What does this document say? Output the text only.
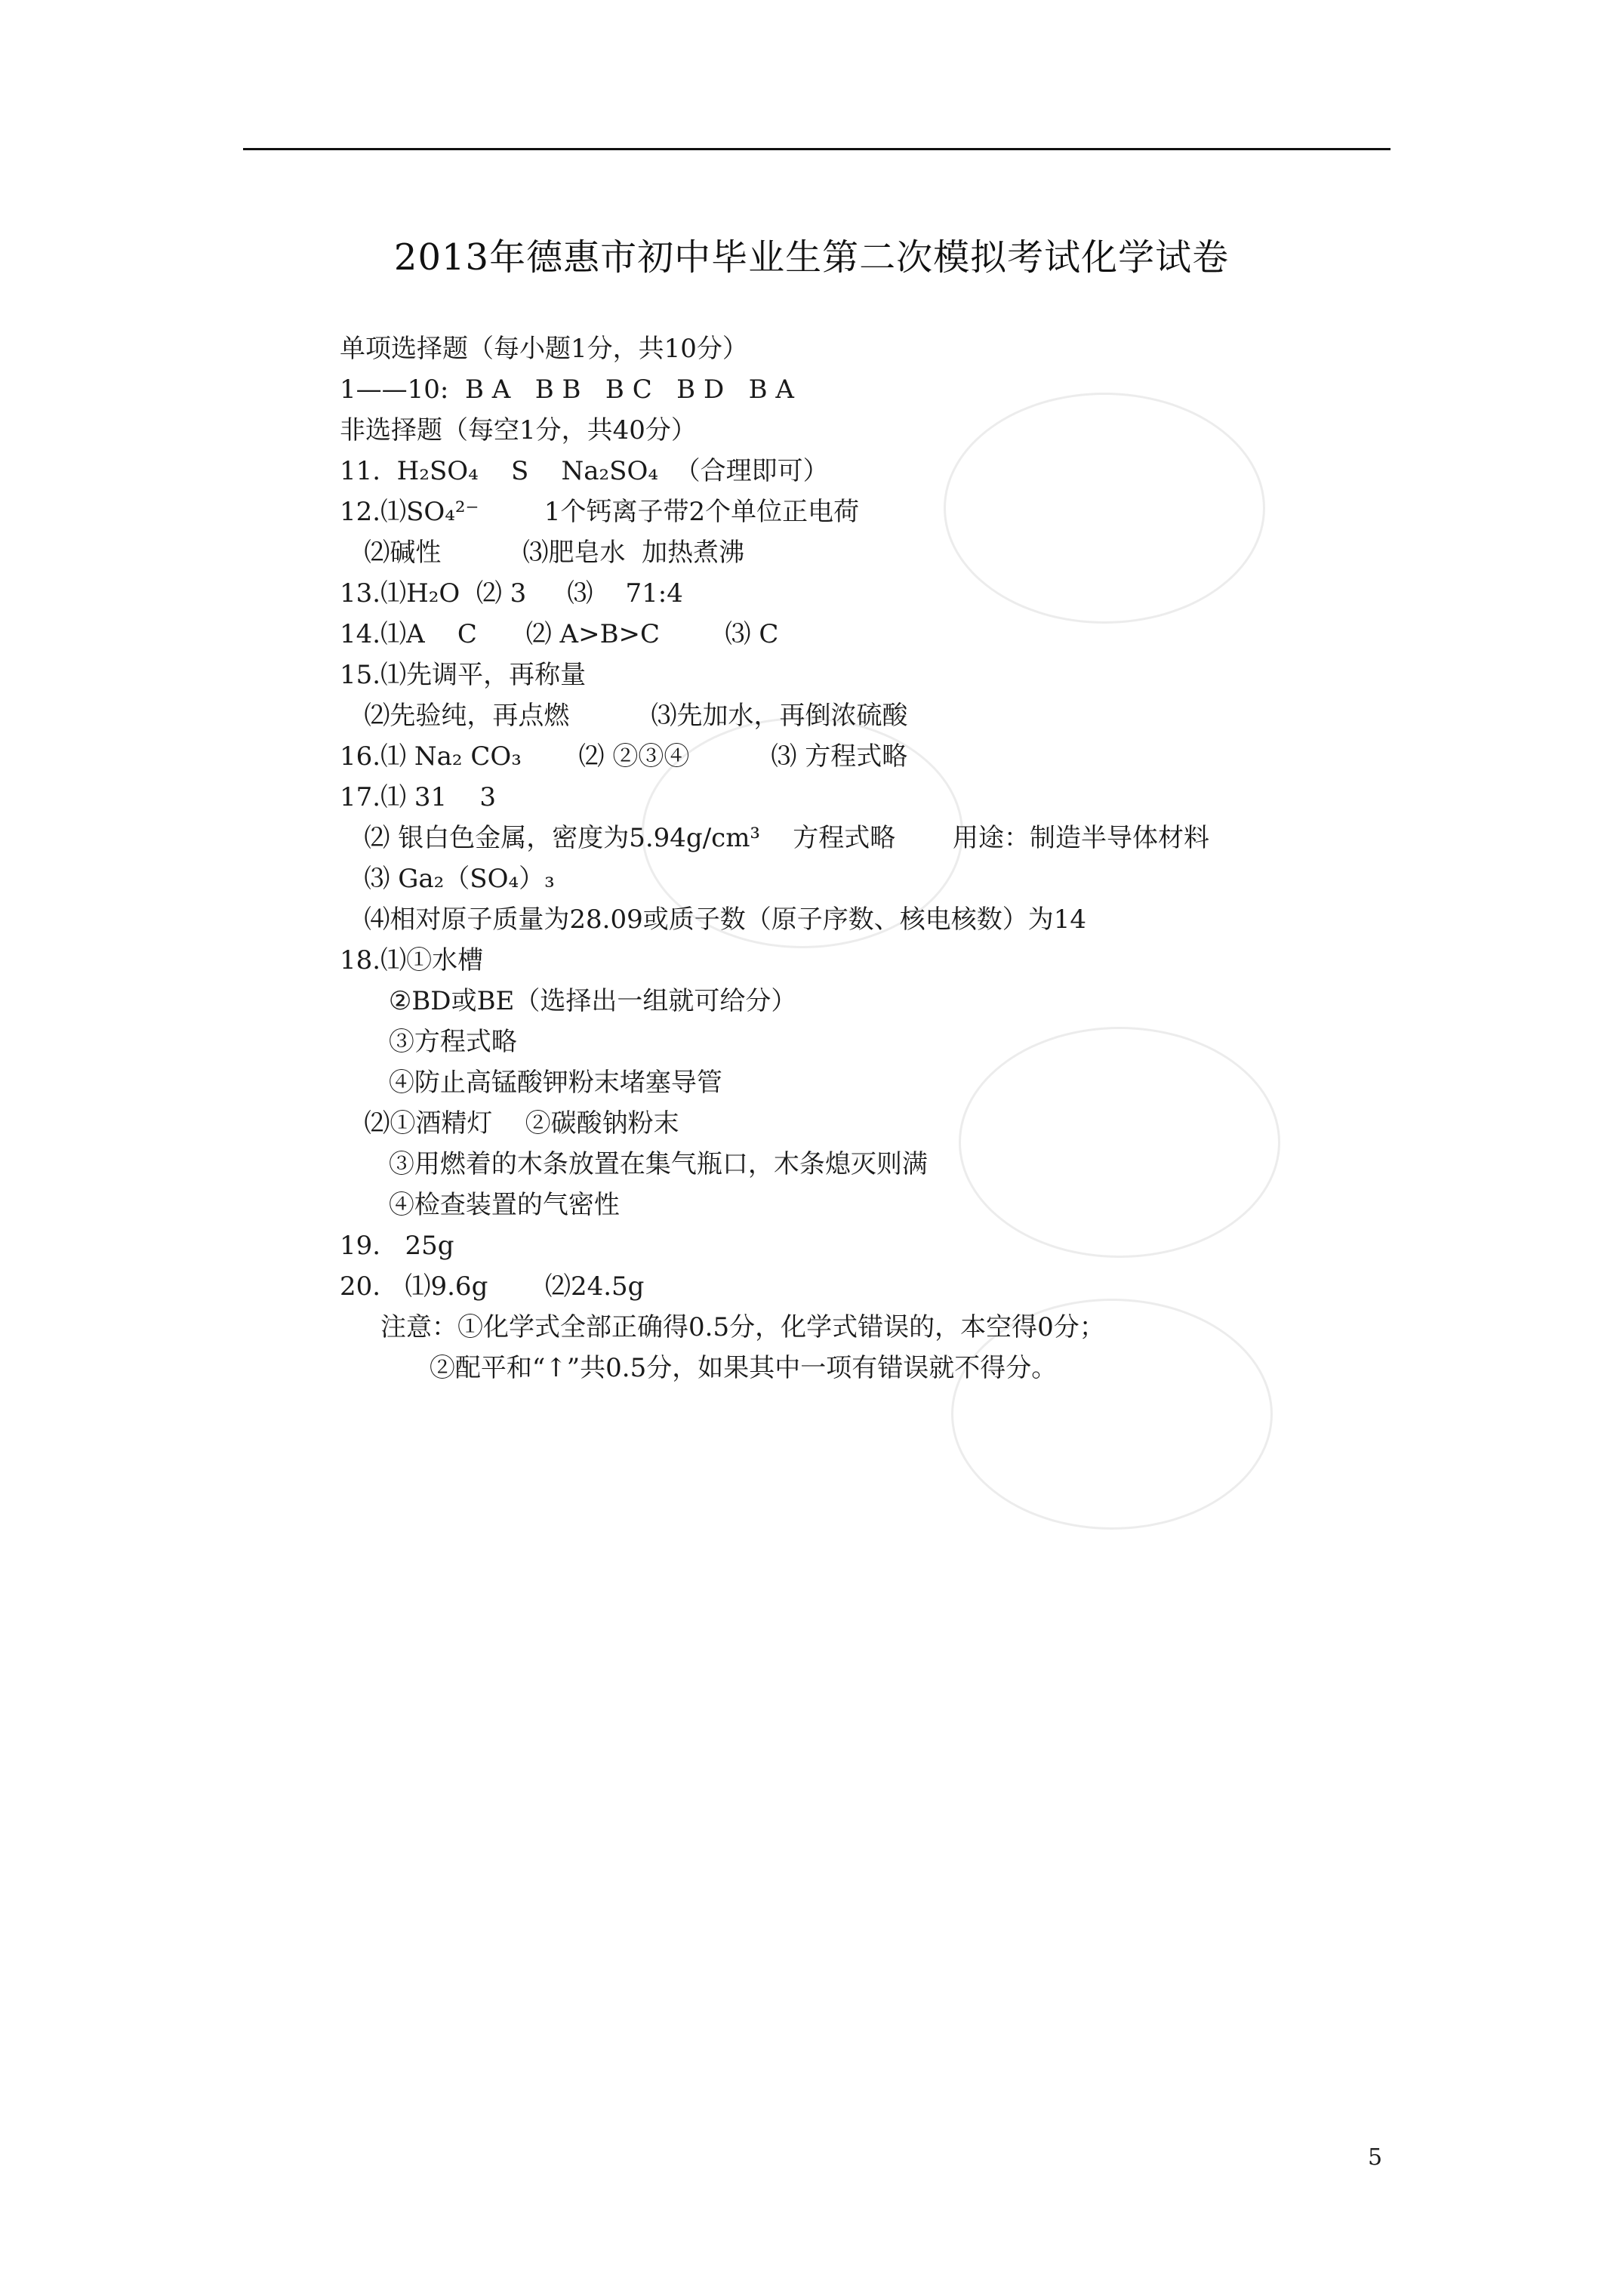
2013年德惠市初中毕业生第二次模拟考试化学试卷
单项选择题（每小题1分，共10分）
1——10:  B A   B B   B C   B D   B A
非选择题（每空1分，共40分）
11.  H₂SO₄    S    Na₂SO₄  （合理即可）
12.⑴SO₄²⁻        1个钙离子带2个单位正电荷
⑵碱性          ⑶肥皂水  加热煮沸
13.⑴H₂O  ⑵ 3     ⑶    71:4
14.⑴A    C      ⑵ A>B>C        ⑶ C
15.⑴先调平，再称量
⑵先验纯，再点燃          ⑶先加水，再倒浓硫酸
16.⑴ Na₂ CO₃       ⑵ ②③④          ⑶ 方程式略
17.⑴ 31    3
⑵ 银白色金属，密度为5.94g/cm³    方程式略       用途：制造半导体材料
⑶ Ga₂（SO₄）₃
⑷相对原子质量为28.09或质子数（原子序数、核电核数）为14
18.⑴①水槽
②BD或BE（选择出一组就可给分）
③方程式略
④防止高锰酸钾粉末堵塞导管
⑵①酒精灯    ②碳酸钠粉末
③用燃着的木条放置在集气瓶口，木条熄灭则满
④检查装置的气密性
19.   25g
20.   ⑴9.6g       ⑵24.5g
注意：①化学式全部正确得0.5分，化学式错误的，本空得0分；
②配平和“↑”共0.5分，如果其中一项有错误就不得分。
5
